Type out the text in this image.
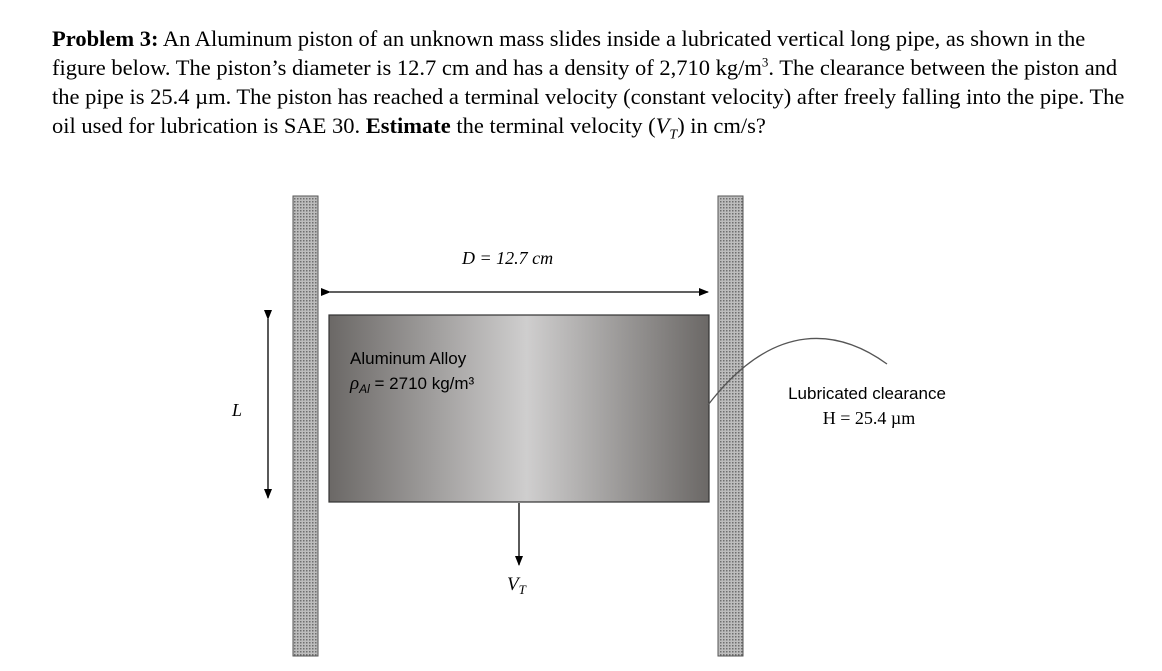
Problem 3: An Aluminum piston of an unknown mass slides inside a lubricated vertical long pipe, as shown in the figure below. The piston’s diameter is 12.7 cm and has a density of 2,710 $kg/m^3$. The clearance between the piston and the pipe is 25.4 µm. The piston has reached a terminal velocity (constant velocity) after freely falling into the pipe. The oil used for lubrication is SAE 30. Estimate the terminal velocity $(V_T)$ in cm/s?
D = 12.7 cm
Aluminum Alloy
$\rho_{Al} = 2710$ kg/m³
L
$V_T$
Lubricated clearance
H = 25.4 µm
